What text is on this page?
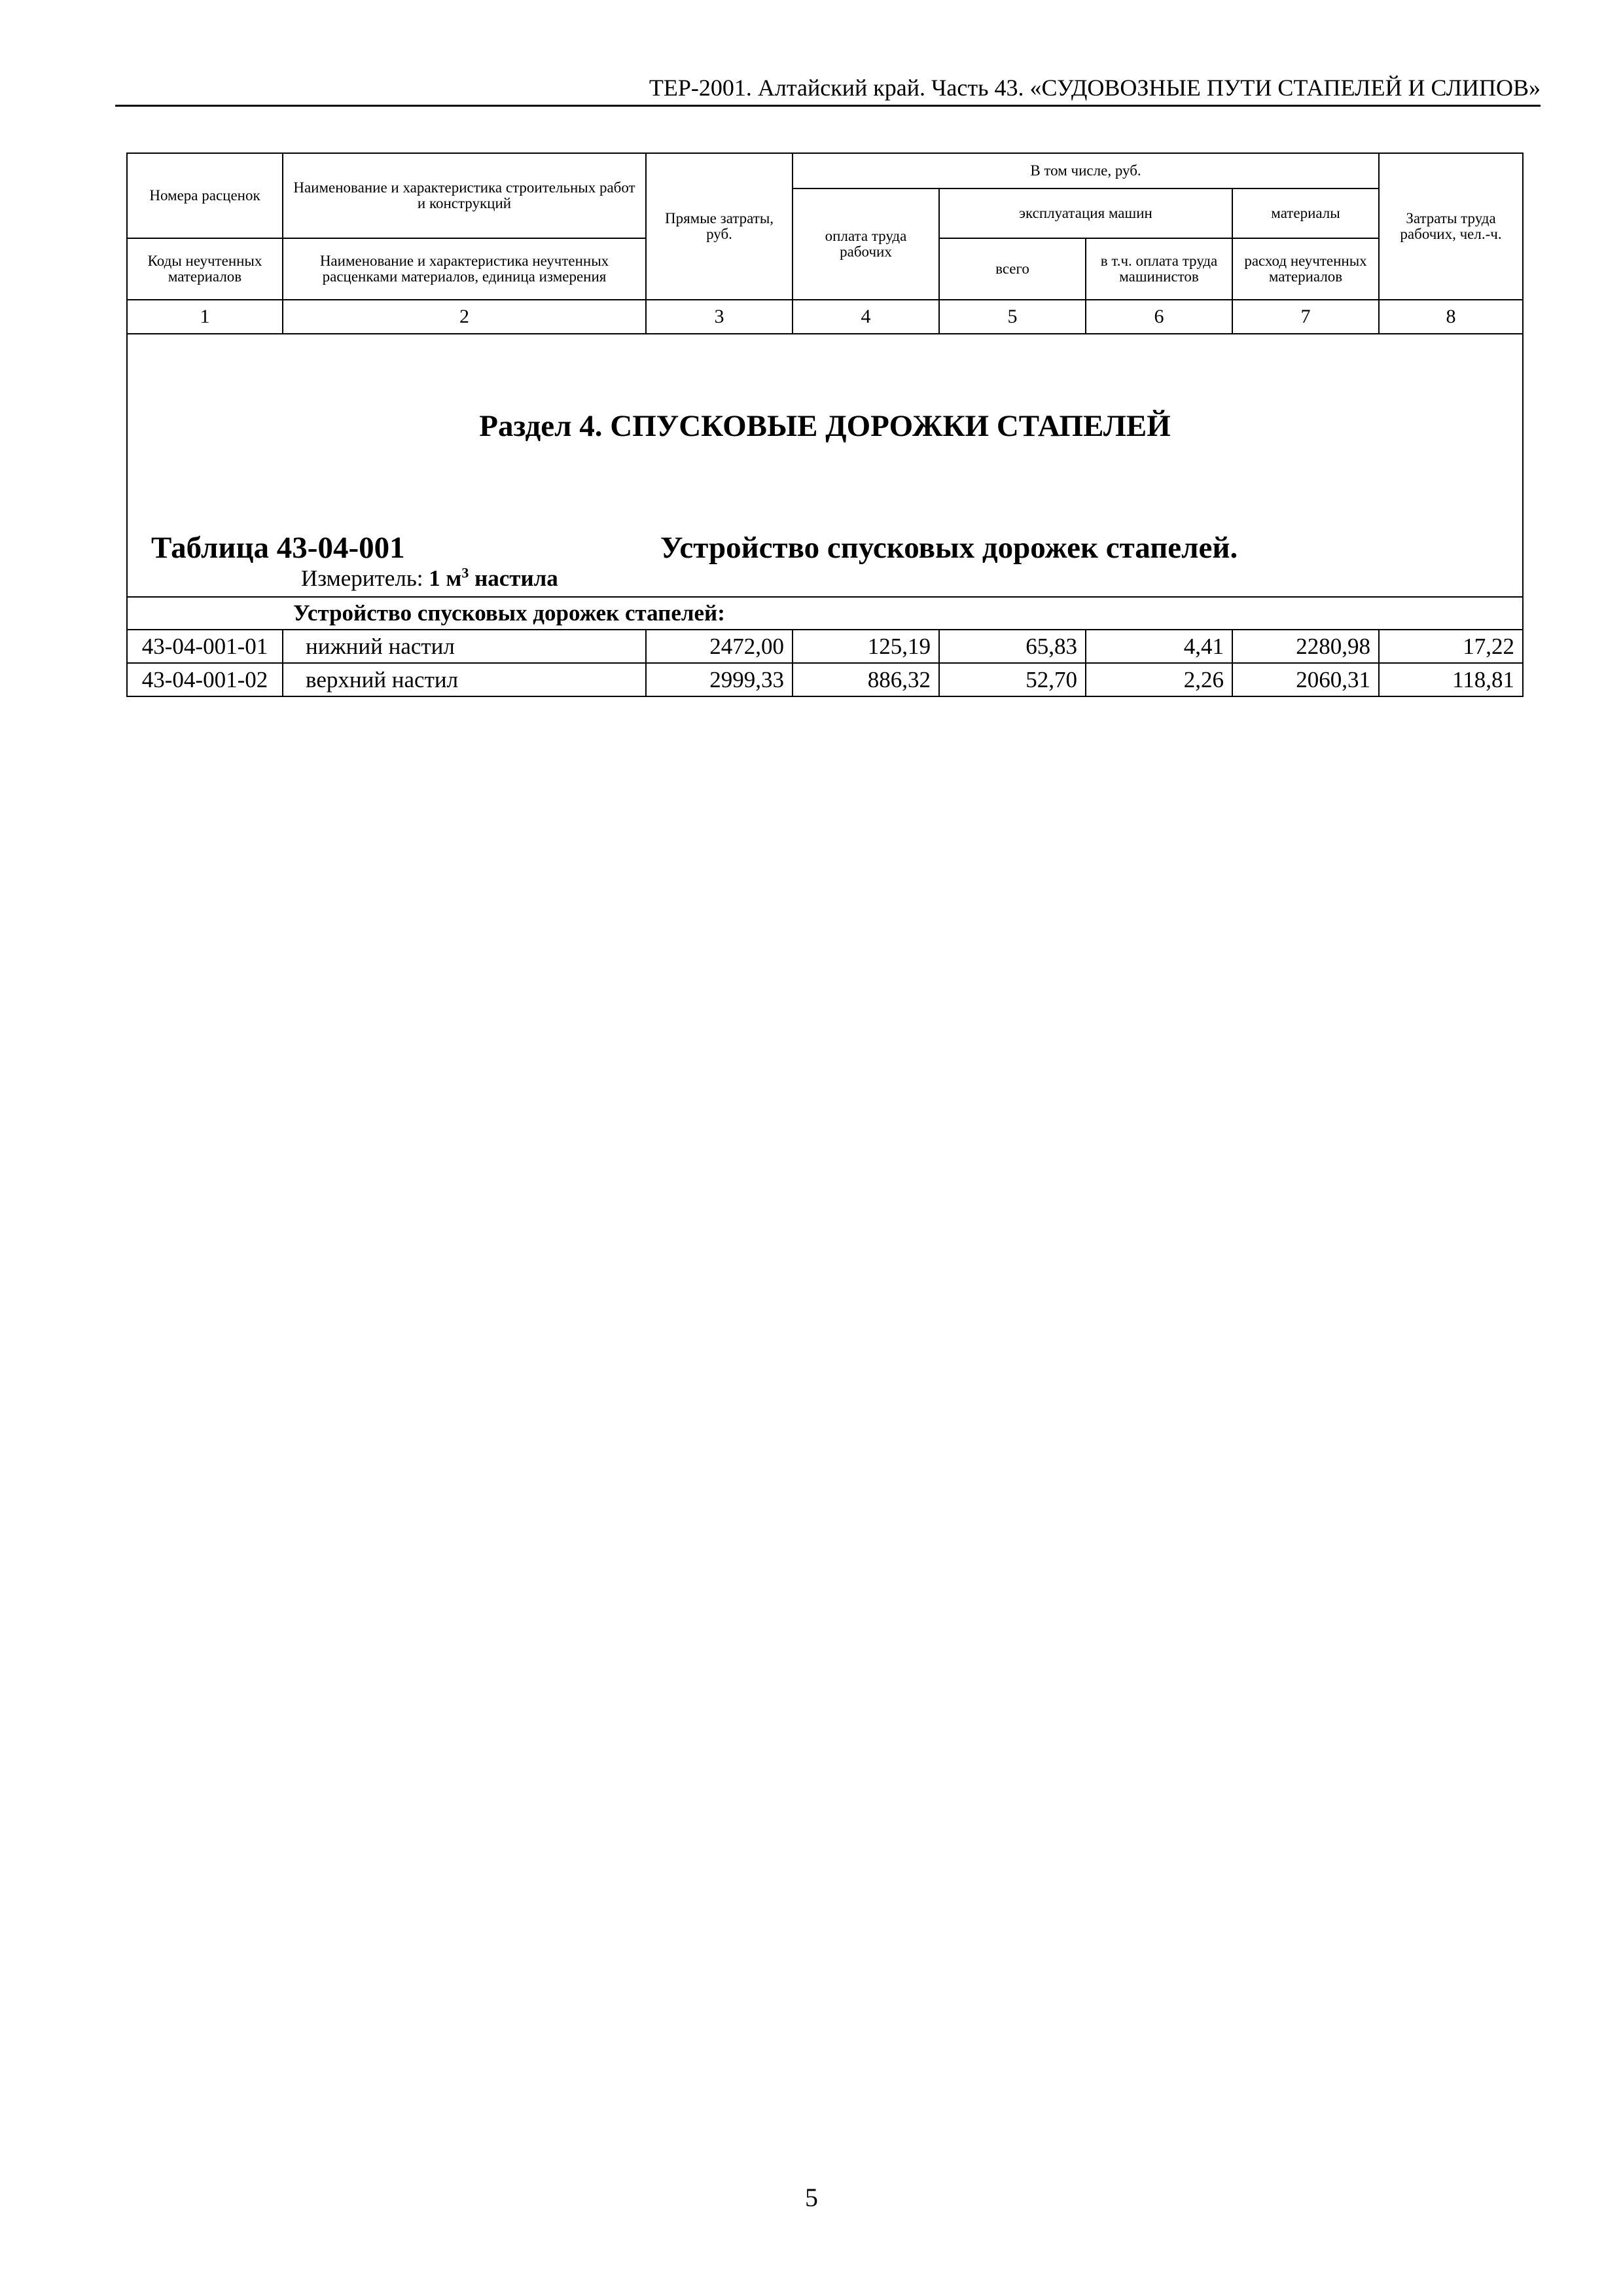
ТЕР-2001. Алтайский край. Часть 43. «СУДОВОЗНЫЕ ПУТИ СТАПЕЛЕЙ И СЛИПОВ»
Номера расценок	Наименование и характеристика строительных работ и конструкций	Прямые затраты, руб.	В том числе, руб.				Затраты труда рабочих, чел.-ч.
			оплата труда рабочих	эксплуатация машин		материалы	
Коды неучтенных материалов	Наименование и характеристика неучтенных расценками материалов, единица измерения			всего	в т.ч. оплата труда машинистов	расход неучтенных материалов	
1	2	3	4	5	6	7	8

Раздел 4. СПУСКОВЫЕ ДОРОЖКИ СТАПЕЛЕЙ
Таблица 43-04-001 Устройство спусковых дорожек стапелей.
Измеритель: 1 $м^3$ настила							

Устройство спусковых дорожек стапелей:							
43-04-001-01	нижний настил	2472,00	125,19	65,83	4,41	2280,98	17,22
43-04-001-02	верхний настил	2999,33	886,32	52,70	2,26	2060,31	118,81
5
